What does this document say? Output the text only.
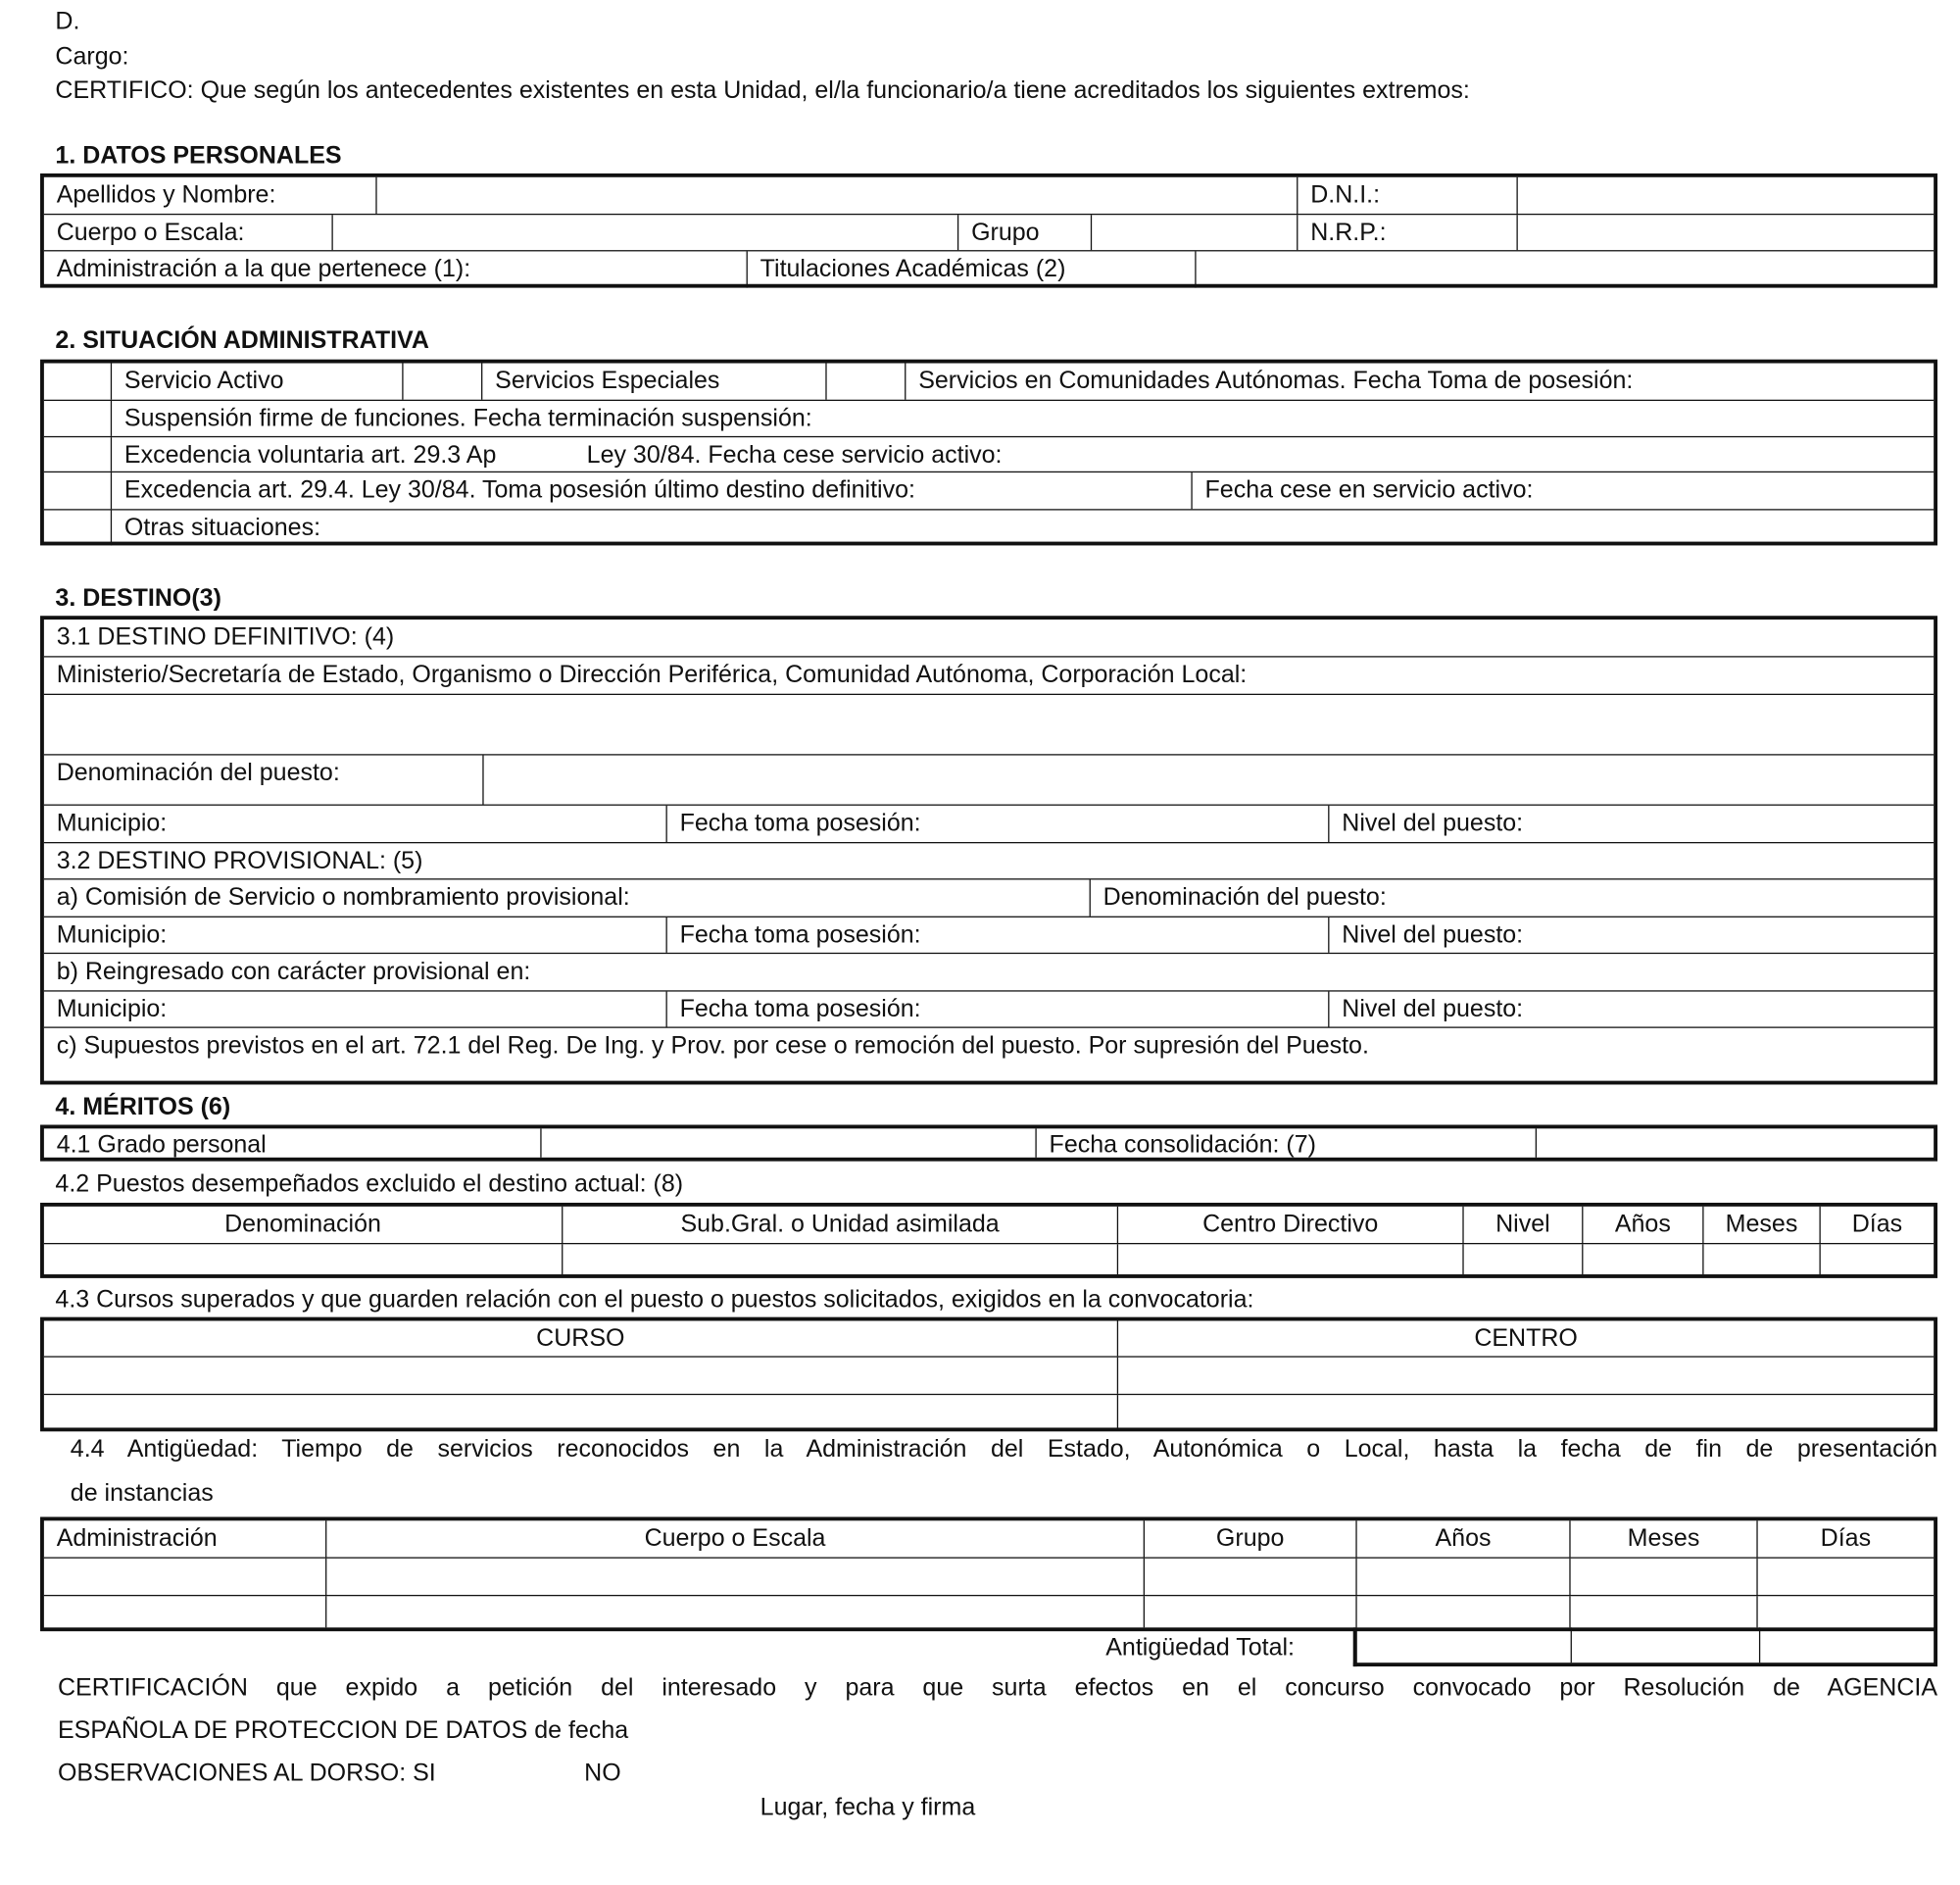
D.
Cargo:
CERTIFICO: Que según los antecedentes existentes en esta Unidad, el/la funcionario/a tiene acreditados los siguientes extremos:
1. DATOS PERSONALES
Apellidos y Nombre:	D.N.I.:
Cuerpo o Escala:	Grupo	N.R.P.:
Administración a la que pertenece (1):	Titulaciones Académicas (2)
2. SITUACIÓN ADMINISTRATIVA
Servicio Activo	Servicios Especiales	Servicios en Comunidades Autónomas. Fecha Toma de posesión:
Suspensión firme de funciones. Fecha terminación suspensión:
Excedencia voluntaria art. 29.3 Ap	Ley 30/84. Fecha cese servicio activo:
Excedencia art. 29.4. Ley 30/84. Toma posesión último destino definitivo:	Fecha cese en servicio activo:
Otras situaciones:
3. DESTINO(3)
3.1 DESTINO DEFINITIVO: (4)
Ministerio/Secretaría de Estado, Organismo o Dirección Periférica, Comunidad Autónoma, Corporación Local:
Denominación del puesto:
Municipio:	Fecha toma posesión:	Nivel del puesto:
3.2 DESTINO PROVISIONAL: (5)
a) Comisión de Servicio o nombramiento provisional:	Denominación del puesto:
Municipio:	Fecha toma posesión:	Nivel del puesto:
b) Reingresado con carácter provisional en:
Municipio:	Fecha toma posesión:	Nivel del puesto:
c) Supuestos previstos en el art. 72.1 del Reg. De Ing. y Prov. por cese o remoción del puesto. Por supresión del Puesto.
4. MÉRITOS (6)
4.1 Grado personal	Fecha consolidación: (7)
4.2 Puestos desempeñados excluido el destino actual: (8)
Denominación	Sub.Gral. o Unidad asimilada	Centro Directivo	Nivel	Años	Meses	Días
4.3 Cursos superados y que guarden relación con el puesto o puestos solicitados, exigidos en la convocatoria:
CURSO	CENTRO
4.4 Antigüedad: Tiempo de servicios reconocidos en la Administración del Estado, Autonómica o Local, hasta la fecha de fin de presentación
de instancias
Administración	Cuerpo o Escala	Grupo	Años	Meses	Días
Antigüedad Total:
CERTIFICACIÓN que expido a petición del interesado y para que surta efectos en el concurso convocado por Resolución de AGENCIA
ESPAÑOLA DE PROTECCION DE DATOS de fecha
OBSERVACIONES AL DORSO: SI	NO
Lugar, fecha y firma
